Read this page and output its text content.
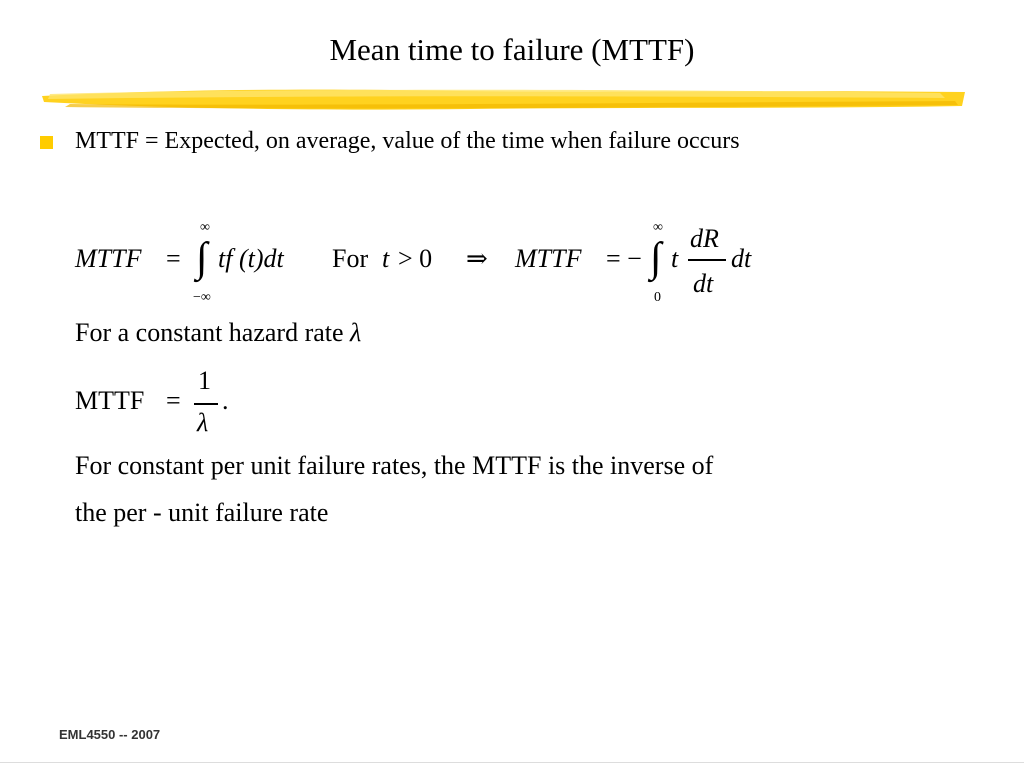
Mean time to failure (MTTF)
MTTF = Expected, on average, value of the time when failure occurs
MTTF =
∞
∫
−∞
tf (t)dt For t > 0 ⇒ MTTF = −
∞
∫
0
t
dR
dt
dt
For a constant hazard rate λ
MTTF =
1
λ
.
For constant per unit failure rates, the MTTF is the inverse of
the per - unit failure rate
EML4550 -- 2007
